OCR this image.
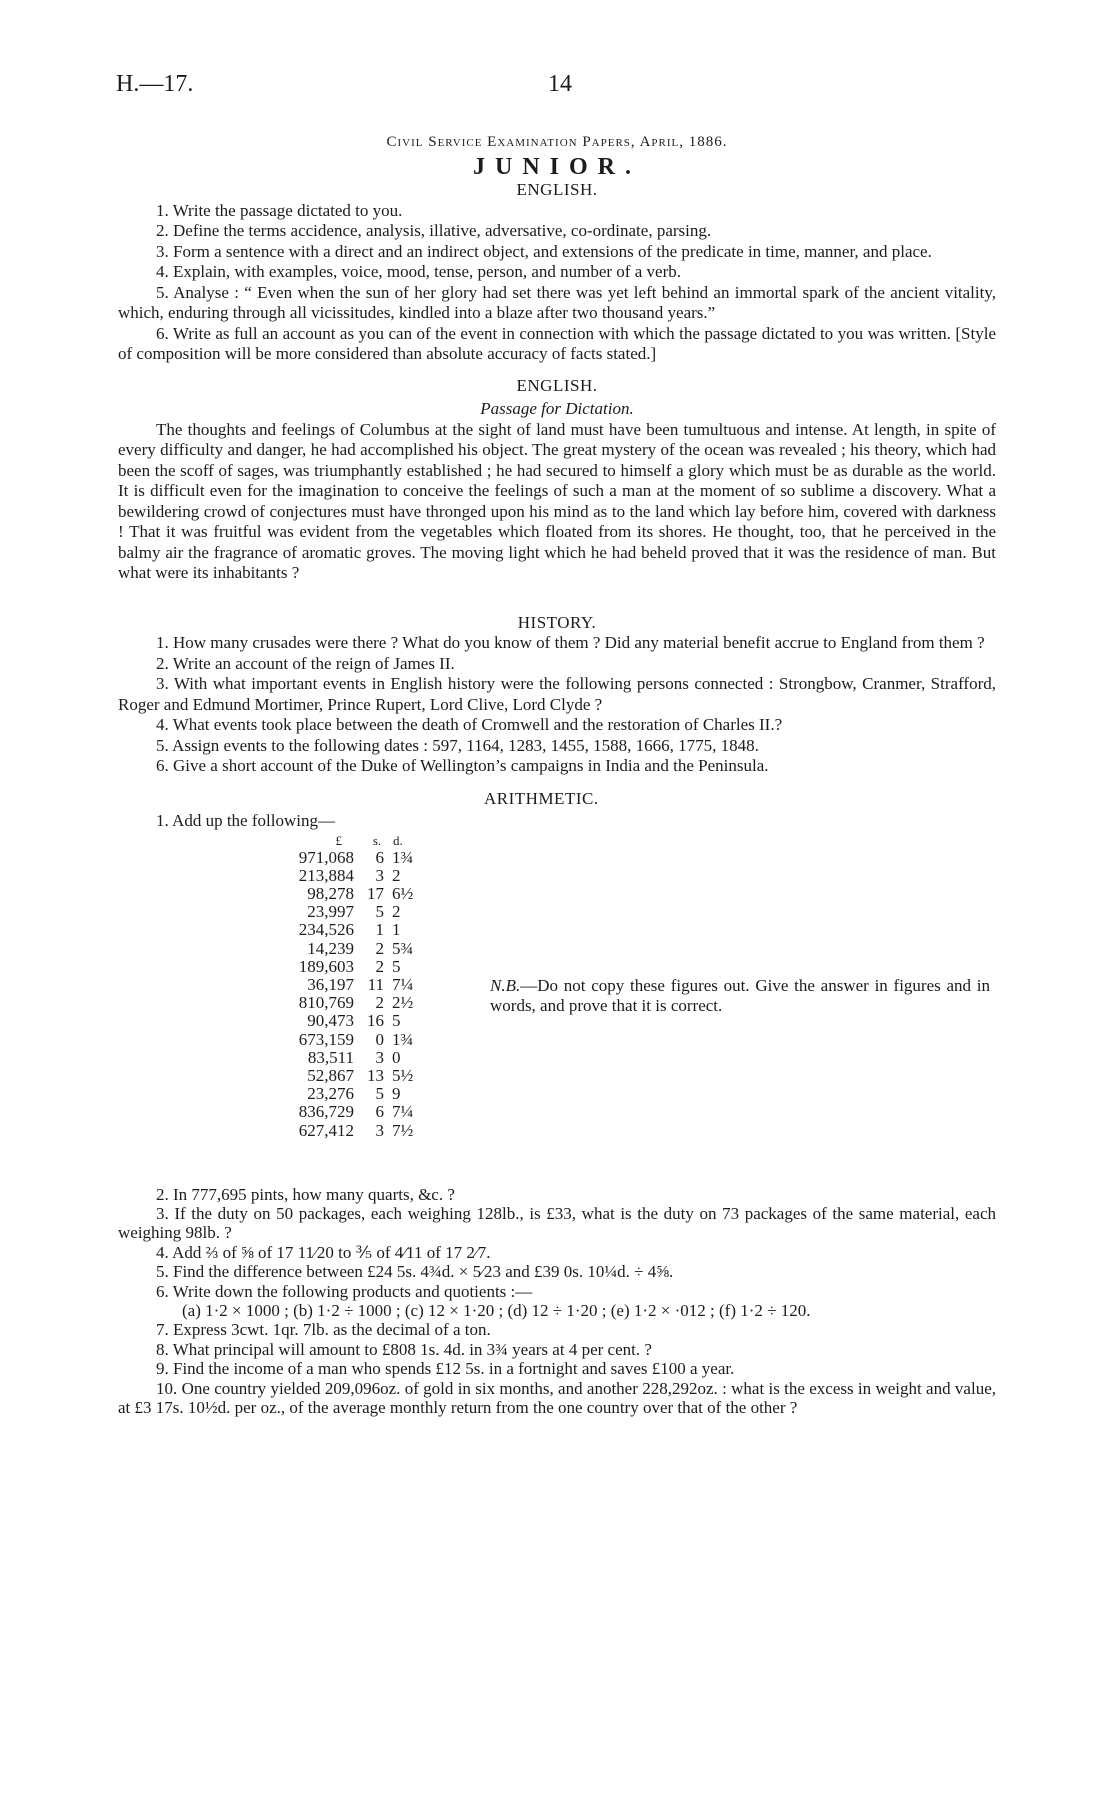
H.—17.	14
Civil Service Examination Papers, April, 1886.
JUNIOR.
ENGLISH.

1. Write the passage dictated to you.

2. Define the terms accidence, analysis, illative, adversative, co-ordinate, parsing.

3. Form a sentence with a direct and an indirect object, and extensions of the predicate in time, manner, and place.

4. Explain, with examples, voice, mood, tense, person, and number of a verb.

5. Analyse : “ Even when the sun of her glory had set there was yet left behind an immortal spark of the ancient vitality, which, enduring through all vicissitudes, kindled into a blaze after two thousand years.”

6. Write as full an account as you can of the event in connection with which the passage dictated to you was written. [Style of composition will be more considered than absolute accuracy of facts stated.]

ENGLISH.
Passage for Dictation.

The thoughts and feelings of Columbus at the sight of land must have been tumultuous and intense. At length, in spite of every difficulty and danger, he had accomplished his object. The great mystery of the ocean was revealed ; his theory, which had been the scoff of sages, was triumphantly established ; he had secured to himself a glory which must be as durable as the world. It is difficult even for the imagination to conceive the feelings of such a man at the moment of so sublime a discovery. What a bewildering crowd of conjectures must have thronged upon his mind as to the land which lay before him, covered with darkness ! That it was fruitful was evident from the vegetables which floated from its shores. He thought, too, that he perceived in the balmy air the fragrance of aromatic groves. The moving light which he had beheld proved that it was the residence of man. But what were its inhabitants ?

HISTORY.

1. How many crusades were there ? What do you know of them ? Did any material benefit accrue to England from them ?

2. Write an account of the reign of James II.

3. With what important events in English history were the following persons connected : Strongbow, Cranmer, Strafford, Roger and Edmund Mortimer, Prince Rupert, Lord Clive, Lord Clyde ?

4. What events took place between the death of Cromwell and the restoration of Charles II.?

5. Assign events to the following dates : 597, 1164, 1283, 1455, 1588, 1666, 1775, 1848.

6. Give a short account of the Duke of Wellington’s campaigns in India and the Peninsula.

ARITHMETIC.
1. Add up the following—
£	s.	d.
971,068	6	1¾
213,884	3	2
98,278	17	6½
23,997	5	2
234,526	1	1
14,239	2	5¾
189,603	2	5
36,197	11	7¼
810,769	2	2½
90,473	16	5
673,159	0	1¾
83,511	3	0
52,867	13	5½
23,276	5	9
836,729	6	7¼
627,412	3	7½
N.B.—Do not copy these figures out. Give the answer in figures and in words, and prove that it is correct.

2. In 777,695 pints, how many quarts, &c. ?

3. If the duty on 50 packages, each weighing 128lb., is £33, what is the duty on 73 packages of the same material, each weighing 98lb. ?

4. Add ⅔ of ⅝ of 17 11⁄20 to ⅗ of 4⁄11 of 17 2⁄7.

5. Find the difference between £24 5s. 4¾d. × 5⁄23 and £39 0s. 10¼d. ÷ 4⅝.

6. Write down the following products and quotients :—

(a) 1·2 × 1000 ; (b) 1·2 ÷ 1000 ; (c) 12 × 1·20 ; (d) 12 ÷ 1·20 ; (e) 1·2 × ·012 ; (f) 1·2 ÷ 120.

7. Express 3cwt. 1qr. 7lb. as the decimal of a ton.

8. What principal will amount to £808 1s. 4d. in 3¾ years at 4 per cent. ?

9. Find the income of a man who spends £12 5s. in a fortnight and saves £100 a year.

10. One country yielded 209,096oz. of gold in six months, and another 228,292oz. : what is the excess in weight and value, at £3 17s. 10½d. per oz., of the average monthly return from the one country over that of the other ?
